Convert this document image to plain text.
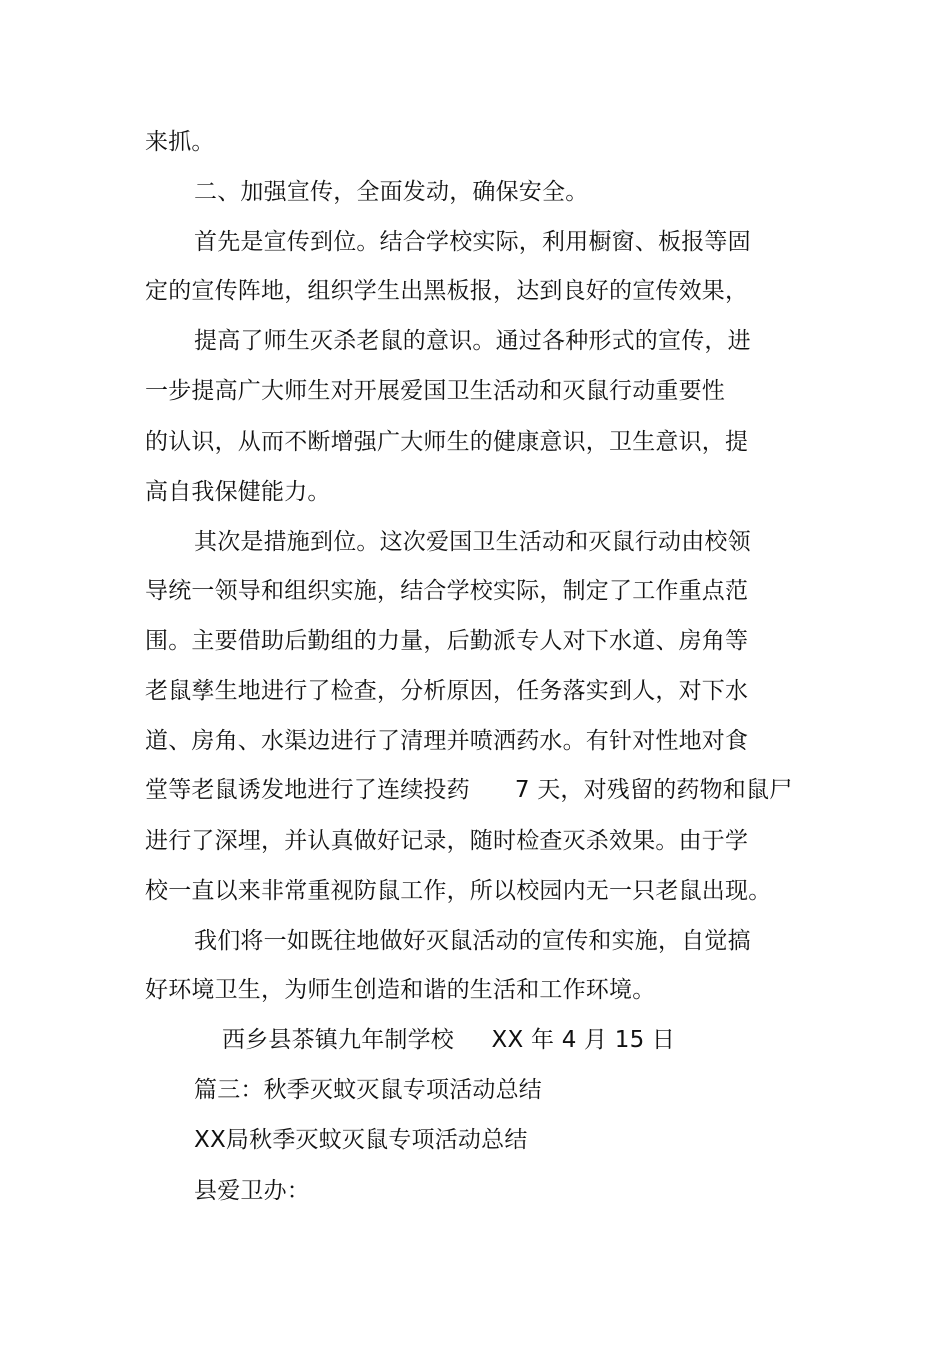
来抓。
二、加强宣传，全面发动，确保安全。
首先是宣传到位。结合学校实际，利用橱窗、板报等固
定的宣传阵地，组织学生出黑板报，达到良好的宣传效果，
提高了师生灭杀老鼠的意识。通过各种形式的宣传，进
一步提高广大师生对开展爱国卫生活动和灭鼠行动重要性
的认识，从而不断增强广大师生的健康意识，卫生意识，提
高自我保健能力。
其次是措施到位。这次爱国卫生活动和灭鼠行动由校领
导统一领导和组织实施，结合学校实际，制定了工作重点范
围。主要借助后勤组的力量，后勤派专人对下水道、房角等
老鼠孳生地进行了检查，分析原因，任务落实到人，对下水
道、房角、水渠边进行了清理并喷洒药水。有针对性地对食
堂等老鼠诱发地进行了连续投药      7 天，对残留的药物和鼠尸
进行了深埋，并认真做好记录，随时检查灭杀效果。由于学
校一直以来非常重视防鼠工作，所以校园内无一只老鼠出现。
我们将一如既往地做好灭鼠活动的宣传和实施，自觉搞
好环境卫生，为师生创造和谐的生活和工作环境。
西乡县茶镇九年制学校     XX 年 4 月 15 日
篇三：秋季灭蚊灭鼠专项活动总结
XX局秋季灭蚊灭鼠专项活动总结
县爱卫办：
